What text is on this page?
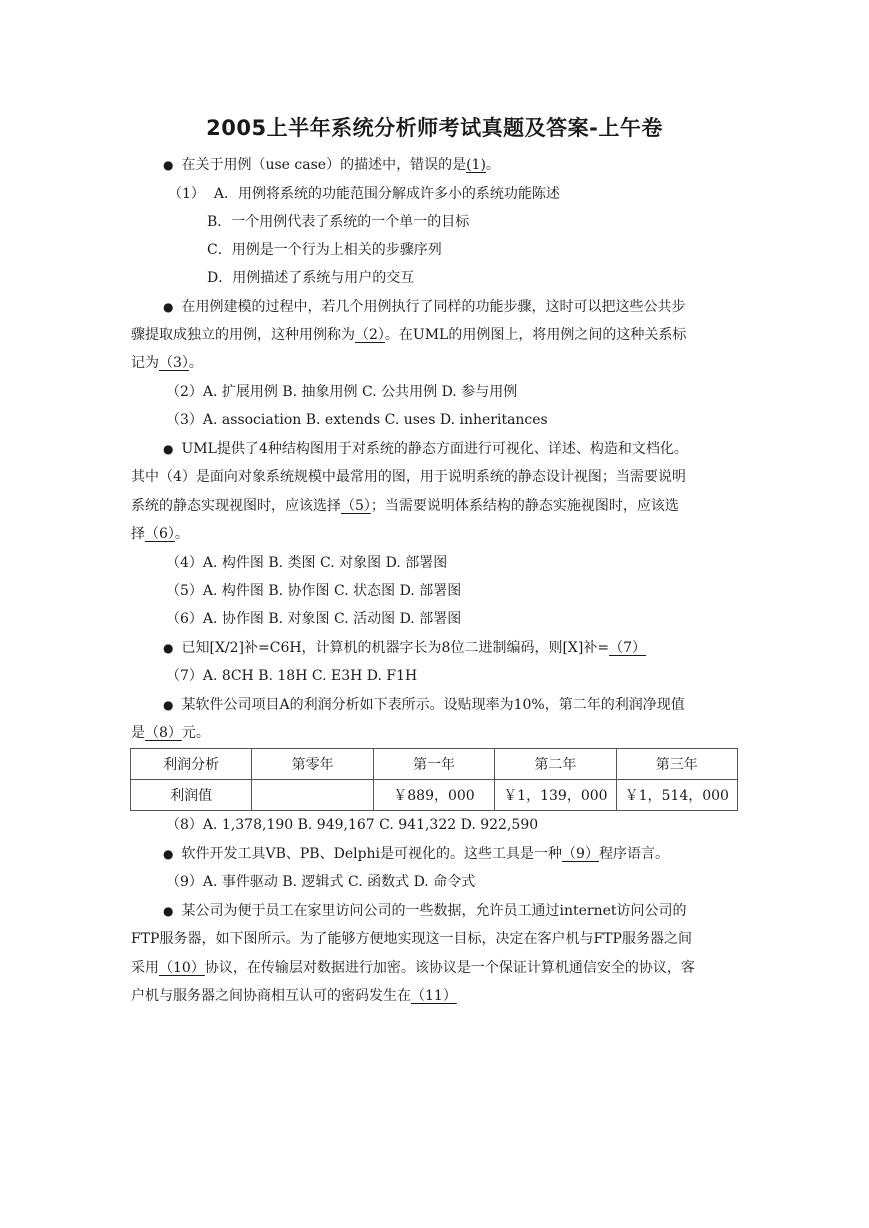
2005上半年系统分析师考试真题及答案-上午卷
● 在关于用例（use case）的描述中，错误的是(1)。
（1） A．用例将系统的功能范围分解成许多小的系统功能陈述
B．一个用例代表了系统的一个单一的目标
C．用例是一个行为上相关的步骤序列
D．用例描述了系统与用户的交互
● 在用例建模的过程中，若几个用例执行了同样的功能步骤，这时可以把这些公共步
骤提取成独立的用例，这种用例称为（2）。在UML的用例图上，将用例之间的这种关系标
记为（3）。
（2）A. 扩展用例 B. 抽象用例 C. 公共用例 D. 参与用例
（3）A. association B. extends C. uses D. inheritances
● UML提供了4种结构图用于对系统的静态方面进行可视化、详述、构造和文档化。
其中（4）是面向对象系统规模中最常用的图，用于说明系统的静态设计视图；当需要说明
系统的静态实现视图时，应该选择（5）；当需要说明体系结构的静态实施视图时，应该选
择（6）。
（4）A. 构件图 B. 类图 C. 对象图 D. 部署图
（5）A. 构件图 B. 协作图 C. 状态图 D. 部署图
（6）A. 协作图 B. 对象图 C. 活动图 D. 部署图
● 已知[X/2]补=C6H，计算机的机器字长为8位二进制编码，则[X]补=（7）
（7）A. 8CH B. 18H C. E3H D. F1H
● 某软件公司项目A的利润分析如下表所示。设贴现率为10%，第二年的利润净现值
是（8）元。
利润分析	第零年	第一年	第二年	第三年
利润值		￥889，000	￥1，139，000	￥1，514，000
（8）A. 1,378,190 B. 949,167 C. 941,322 D. 922,590
● 软件开发工具VB、PB、Delphi是可视化的。这些工具是一种（9）程序语言。
（9）A. 事件驱动 B. 逻辑式 C. 函数式 D. 命令式
● 某公司为便于员工在家里访问公司的一些数据，允许员工通过internet访问公司的
FTP服务器，如下图所示。为了能够方便地实现这一目标，决定在客户机与FTP服务器之间
采用（10）协议，在传输层对数据进行加密。该协议是一个保证计算机通信安全的协议，客
户机与服务器之间协商相互认可的密码发生在（11）
